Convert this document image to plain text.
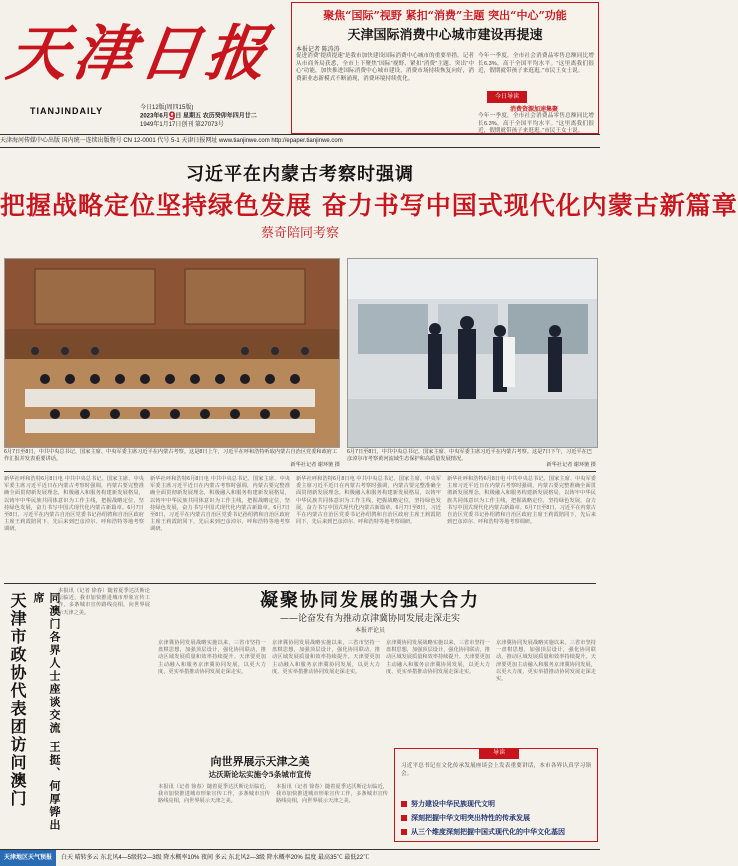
天津日报
TIANJINDAILY	今日12版(周四15版)
2023年6月9日 星期五 农历癸卯年四月廿二
1949年1月17日创刊 第27073号
天津海河传媒中心出版 国内统一连续出版物号 CN 12-0001 代号 5-1 天津日报网址 www.tianjinwe.com http://epaper.tianjinwe.com
聚焦“国际”视野 紧扣“消费”主题 突出“中心”功能
天津国际消费中心城市建设再提速
本报记者 陈涛涛
促进消费“提质提速”是我市加快建设国际消费中心城市的重要举措。记者从市商务局获悉，全市上下聚焦“国际”视野、紧扣“消费”主题、突出“中心”功能，加快推进国际消费中心城市建设，消费市场持续恢复向好，消费新业态新模式不断涌现，消费环境持续优化。
今年一季度，全市社会消费品零售总额同比增长6.3%，高于全国平均水平。“这里离我们很近，假期就带孩子来逛逛。”市民王女士说。
今日导读
消费资源加速集聚
今年一季度，全市社会消费品零售总额同比增长6.3%，高于全国平均水平。“这里离我们很近，假期就带孩子来逛逛。”市民王女士说。
习近平在内蒙古考察时强调
把握战略定位坚持绿色发展 奋力书写中国式现代化内蒙古新篇章
蔡奇陪同考察
6月7日至8日，中共中央总书记、国家主席、中央军委主席习近平在内蒙古考察。这是8日上午，习近平在呼和浩特听取内蒙古自治区党委和政府工作汇报并发表重要讲话。
新华社记者 谢环驰 摄
6月7日至8日，中共中央总书记、国家主席、中央军委主席习近平在内蒙古考察。这是7日下午，习近平在巴彦淖尔市考察黄河流域生态保护和高质量发展情况。
新华社记者 谢环驰 摄
新华社呼和浩特6月8日电 中共中央总书记、国家主席、中央军委主席习近平近日在内蒙古考察时强调，内蒙古要完整准确全面贯彻新发展理念，积极融入和服务构建新发展格局，以铸牢中华民族共同体意识为工作主线，把握战略定位，坚持绿色发展，奋力书写中国式现代化内蒙古新篇章。6月7日至8日，习近平在内蒙古自治区党委书记孙绍骋和自治区政府主席王莉霞陪同下，先后来到巴彦淖尔、呼和浩特等地考察调研。
新华社呼和浩特6月8日电 中共中央总书记、国家主席、中央军委主席习近平近日在内蒙古考察时强调，内蒙古要完整准确全面贯彻新发展理念，积极融入和服务构建新发展格局，以铸牢中华民族共同体意识为工作主线，把握战略定位，坚持绿色发展，奋力书写中国式现代化内蒙古新篇章。6月7日至8日，习近平在内蒙古自治区党委书记孙绍骋和自治区政府主席王莉霞陪同下，先后来到巴彦淖尔、呼和浩特等地考察调研。
新华社呼和浩特6月8日电 中共中央总书记、国家主席、中央军委主席习近平近日在内蒙古考察时强调，内蒙古要完整准确全面贯彻新发展理念，积极融入和服务构建新发展格局，以铸牢中华民族共同体意识为工作主线，把握战略定位，坚持绿色发展，奋力书写中国式现代化内蒙古新篇章。6月7日至8日，习近平在内蒙古自治区党委书记孙绍骋和自治区政府主席王莉霞陪同下，先后来到巴彦淖尔、呼和浩特等地考察调研。
新华社呼和浩特6月8日电 中共中央总书记、国家主席、中央军委主席习近平近日在内蒙古考察时强调，内蒙古要完整准确全面贯彻新发展理念，积极融入和服务构建新发展格局，以铸牢中华民族共同体意识为工作主线，把握战略定位，坚持绿色发展，奋力书写中国式现代化内蒙古新篇章。6月7日至8日，习近平在内蒙古自治区党委书记孙绍骋和自治区政府主席王莉霞陪同下，先后来到巴彦淖尔、呼和浩特等地考察调研。
天津市政协代表团访问澳门	同澳门各界人士座谈交流 王挺、何厚铧出席
本报讯（记者 徐春）随着夏季达沃斯论坛临近，我市加快推进城市形象宣传工作，多条城市宣传路线亮相，向世界展示天津之美。
凝聚协同发展的强大合力
——论奋发有为推动京津冀协同发展走深走实
本报评论员
京津冀协同发展战略实施以来，三省市坚持一盘棋思想，加强顶层设计，强化协同联动，推动区域发展质量和效率持续提升。天津要更加主动融入和服务京津冀协同发展，以更大力度、更实举措推动协同发展走深走实。
京津冀协同发展战略实施以来，三省市坚持一盘棋思想，加强顶层设计，强化协同联动，推动区域发展质量和效率持续提升。天津要更加主动融入和服务京津冀协同发展，以更大力度、更实举措推动协同发展走深走实。
京津冀协同发展战略实施以来，三省市坚持一盘棋思想，加强顶层设计，强化协同联动，推动区域发展质量和效率持续提升。天津要更加主动融入和服务京津冀协同发展，以更大力度、更实举措推动协同发展走深走实。
京津冀协同发展战略实施以来，三省市坚持一盘棋思想，加强顶层设计，强化协同联动，推动区域发展质量和效率持续提升。天津要更加主动融入和服务京津冀协同发展，以更大力度、更实举措推动协同发展走深走实。
向世界展示天津之美
达沃斯论坛实施令5条城市宣传
本报讯（记者 徐春）随着夏季达沃斯论坛临近，我市加快推进城市形象宣传工作，多条城市宣传路线亮相，向世界展示天津之美。
本报讯（记者 徐春）随着夏季达沃斯论坛临近，我市加快推进城市形象宣传工作，多条城市宣传路线亮相，向世界展示天津之美。
导读
习近平总书记在文化传承发展座谈会上发表重要讲话，本市各界认真学习领会。
努力建设中华民族现代文明
深刻把握中华文明突出特性的传承发展
从三个维度深刻把握中国式现代化的中华文化基因
天津地区天气预报 白天 晴转多云 东北风4—5级转2—3级 降水概率10% 夜间 多云 东北风2—3级 降水概率20% 温度 最高35℃ 最低22℃
